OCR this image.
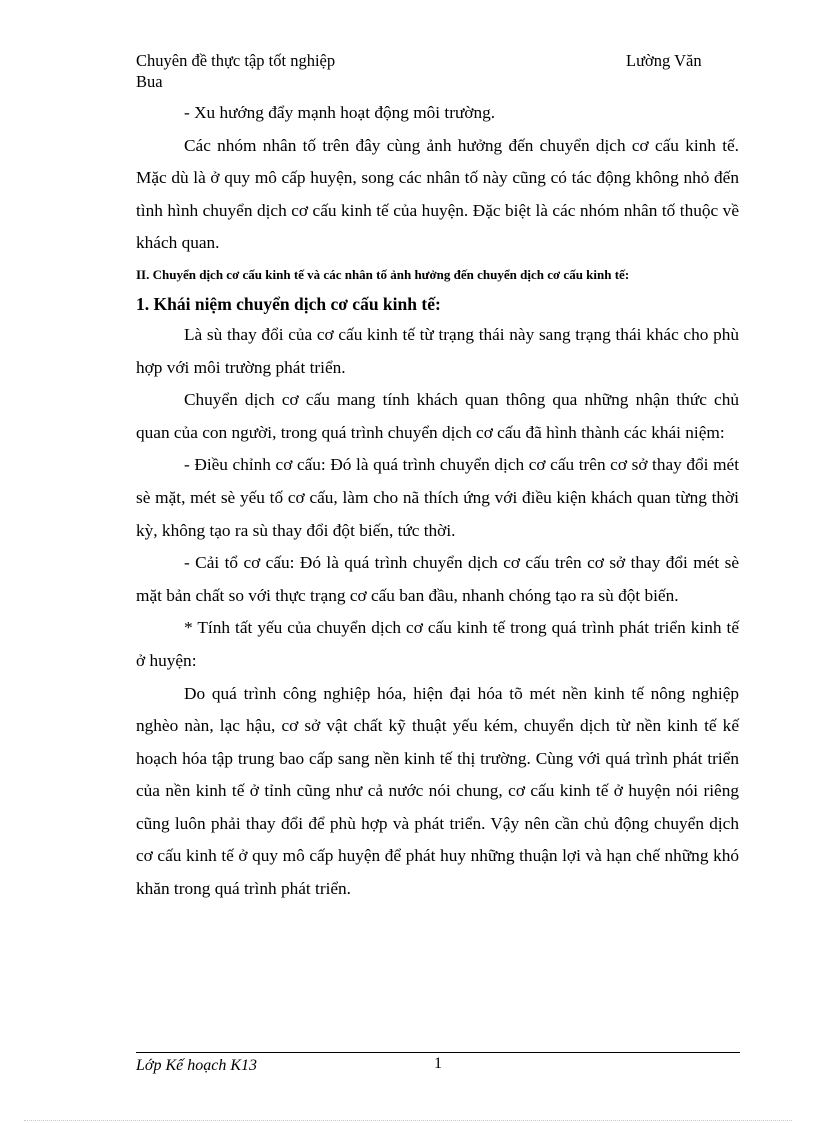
Chuyên đề thực tập tốt nghiệp	Lường Văn
Bua

- Xu hướng đẩy mạnh hoạt động môi trường.

Các nhóm nhân tố trên đây cùng ảnh hưởng đến chuyển dịch cơ cấu kinh tế. Mặc dù là ở quy mô cấp huyện, song các nhân tố này cũng có tác động không nhỏ đến tình hình chuyển dịch cơ cấu kinh tế của huyện. Đặc biệt là các nhóm nhân tố thuộc về khách quan.

II. Chuyển dịch cơ cấu kinh tế và các nhân tố ảnh hưởng đến chuyển dịch cơ cấu kinh tế:
1. Khái niệm chuyển dịch cơ cấu kinh tế:

Là sù thay đổi của cơ cấu kinh tế từ trạng thái này sang trạng thái khác cho phù hợp với môi trường phát triển.

Chuyển dịch cơ cấu mang tính khách quan thông qua những nhận thức chủ quan của con người, trong quá trình chuyển dịch cơ cấu đã hình thành các khái niệm:

- Điều chỉnh cơ cấu: Đó là quá trình chuyển dịch cơ cấu trên cơ sở thay đổi mét sè mặt, mét sè yếu tố cơ cấu, làm cho nã thích ứng với điều kiện khách quan từng thời kỳ, không tạo ra sù thay đổi đột biến, tức thời.

- Cải tổ cơ cấu: Đó là quá trình chuyển dịch cơ cấu trên cơ sở thay đổi mét sè mặt bản chất so với thực trạng cơ cấu ban đầu, nhanh chóng tạo ra sù đột biến.

* Tính tất yếu của chuyển dịch cơ cấu kinh tế trong quá trình phát triển kinh tế ở huyện:

Do quá trình công nghiệp hóa, hiện đại hóa tõ mét nền kinh tế nông nghiệp nghèo nàn, lạc hậu, cơ sở vật chất kỹ thuật yếu kém, chuyển dịch từ nền kinh tế kế hoạch hóa tập trung bao cấp sang nền kinh tế thị trường. Cùng với quá trình phát triển của nền kinh tế ở tỉnh cũng như cả nước nói chung, cơ cấu kinh tế ở huyện nói riêng cũng luôn phải thay đổi để phù hợp và phát triển. Vậy nên cần chủ động chuyển dịch cơ cấu kinh tế ở quy mô cấp huyện để phát huy những thuận lợi và hạn chế những khó khăn trong quá trình phát triển.

Lớp Kế hoạch K13	1
